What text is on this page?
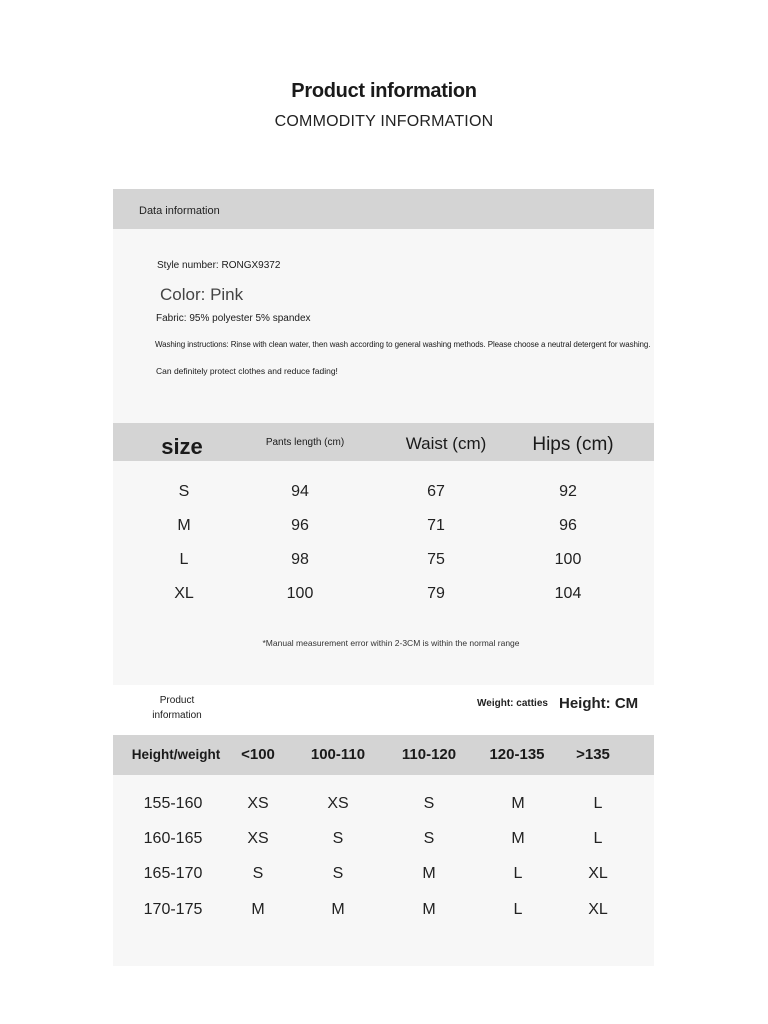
Product information
COMMODITY INFORMATION
Data information
Style number: RONGX9372
Color: Pink
Fabric: 95% polyester 5% spandex
Washing instructions: Rinse with clean water, then wash according to general washing methods. Please choose a neutral detergent for washing.
Can definitely protect clothes and reduce fading!
size	Pants length (cm)	Waist (cm)	Hips (cm)
S	94	67	92
M	96	71	96
L	98	75	100
XL	100	79	104
*Manual measurement error within 2-3CM is within the normal range
Product
information
Weight: catties Height: CM
Height/weight	<100	100-110	110-120	120-135	>135
155-160	XS	XS	S	M	L
160-165	XS	S	S	M	L
165-170	S	S	M	L	XL
170-175	M	M	M	L	XL
